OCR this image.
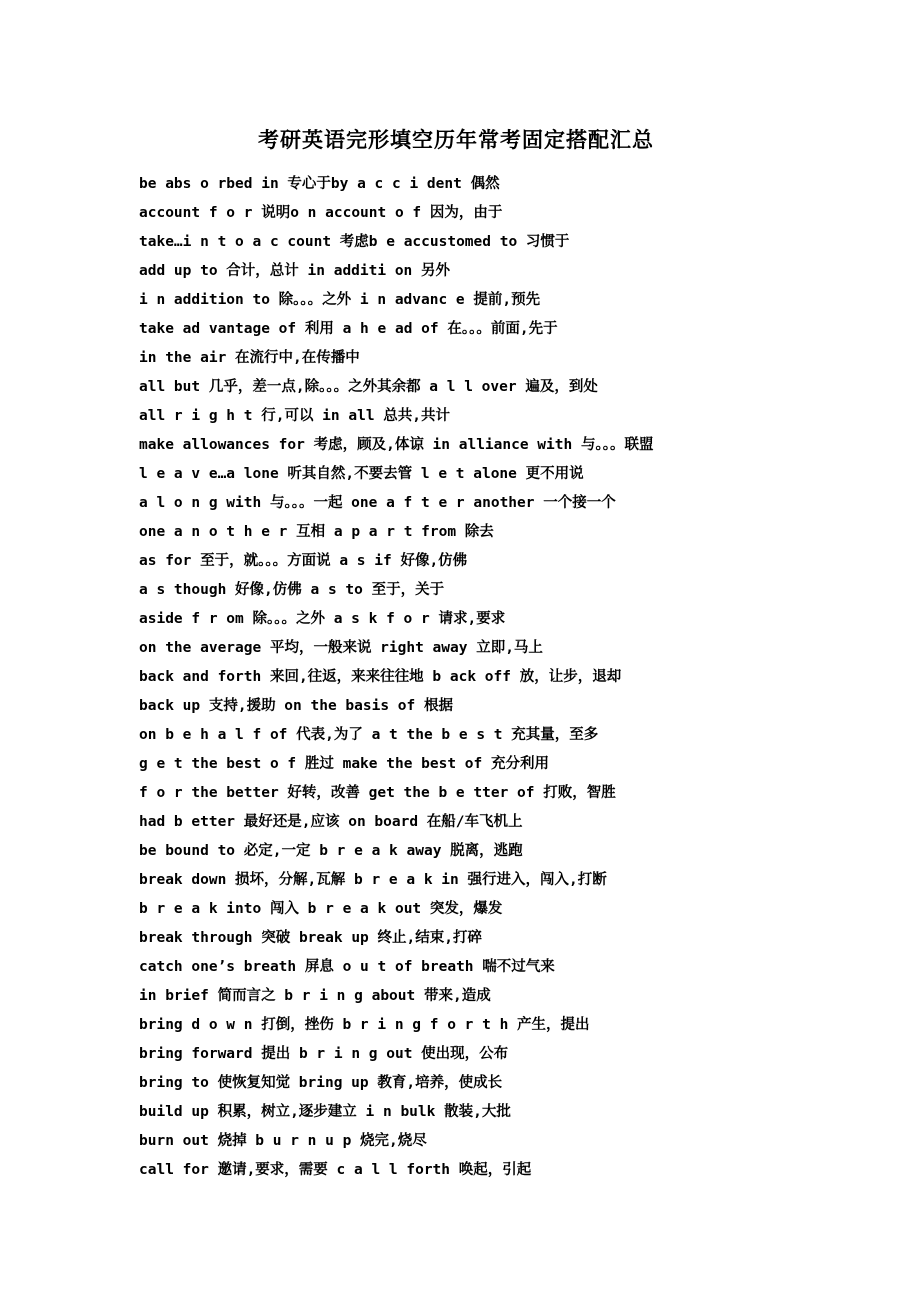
考研英语完形填空历年常考固定搭配汇总
be abs o rbed in 专心于by a c c i dent 偶然
account f o r 说明o n account o f 因为，由于
take…i n t o a c count 考虑b e accustomed to 习惯于
add up to 合计，总计 in additi on 另外
i n addition to 除。。。之外 i n advanc e 提前,预先
take ad vantage of 利用 a h e ad of 在。。。前面,先于
in the air 在流行中,在传播中
all but 几乎，差一点,除。。。之外其余都 a l l over 遍及，到处
all r i g h t 行,可以 in all 总共,共计
make allowances for 考虑，顾及,体谅 in alliance with 与。。。联盟
l e a v e…a lone 听其自然,不要去管 l e t alone 更不用说
a l o n g with 与。。。一起 one a f t e r another 一个接一个
one a n o t h e r 互相 a p a r t from 除去
as for 至于，就。。。方面说 a s if 好像,仿佛
a s though 好像,仿佛 a s to 至于，关于
aside f r om 除。。。之外 a s k f o r 请求,要求
on the average 平均，一般来说 right away 立即,马上
back and forth 来回,往返，来来往往地 b ack off 放，让步，退却
back up 支持,援助 on the basis of 根据
on b e h a l f of 代表,为了 a t the b e s t 充其量，至多
g e t the best o f 胜过 make the best of 充分利用
f o r the better 好转，改善 get the b e tter of 打败，智胜
had b etter 最好还是,应该 on board 在船/车飞机上
be bound to 必定,一定 b r e a k away 脱离，逃跑
break down 损坏，分解,瓦解 b r e a k in 强行进入，闯入,打断
b r e a k into 闯入 b r e a k out 突发，爆发
break through 突破 break up 终止,结束,打碎
catch one’s breath 屏息 o u t of breath 喘不过气来
in brief 简而言之 b r i n g about 带来,造成
bring d o w n 打倒，挫伤 b r i n g f o r t h 产生，提出
bring forward 提出 b r i n g out 使出现，公布
bring to 使恢复知觉 bring up 教育,培养，使成长
build up 积累，树立,逐步建立 i n bulk 散装,大批
burn out 烧掉 b u r n u p 烧完,烧尽
call for 邀请,要求，需要 c a l l forth 唤起，引起
